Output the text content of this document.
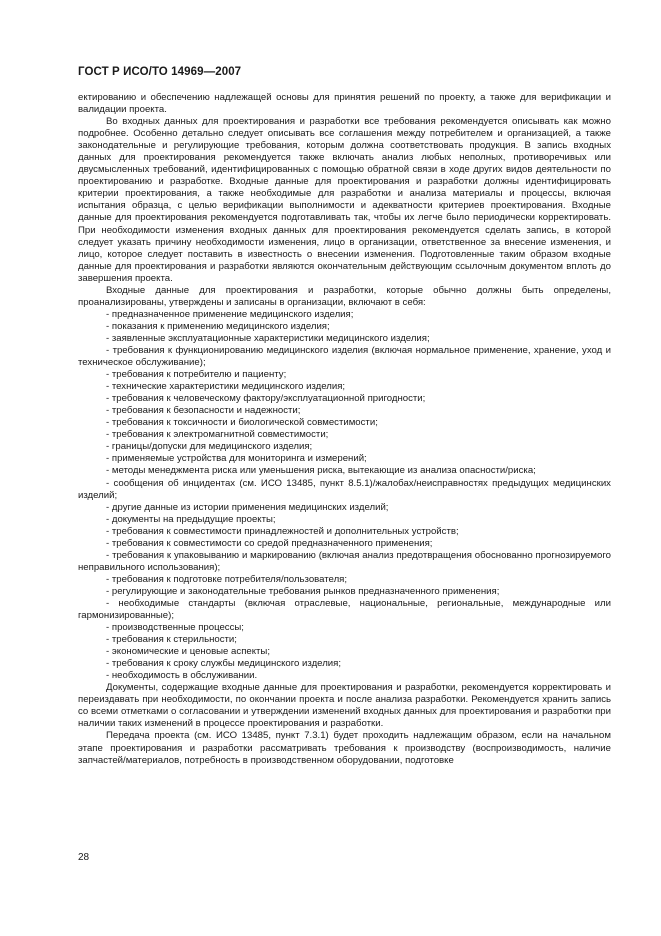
ГОСТ Р ИСО/ТО 14969—2007

ектированию и обеспечению надлежащей основы для принятия решений по проекту, а также для верификации и валидации проекта.

Во входных данных для проектирования и разработки все требования рекомендуется описывать как можно подробнее. Особенно детально следует описывать все соглашения между потребителем и организацией, а также законодательные и регулирующие требования, которым должна соответствовать продукция. В запись входных данных для проектирования рекомендуется также включать анализ любых неполных, противоречивых или двусмысленных требований, идентифицированных с помощью обратной связи в ходе других видов деятельности по проектированию и разработке. Входные данные для проектирования и разработки должны идентифицировать критерии проектирования, а также необходимые для разработки и анализа материалы и процессы, включая испытания образца, с целью верификации выполнимости и адекватности критериев проектирования. Входные данные для проектирования рекомендуется подготавливать так, чтобы их легче было периодически корректировать. При необходимости изменения входных данных для проектирования рекомендуется сделать запись, в которой следует указать причину необходимости изменения, лицо в организации, ответственное за внесение изменения, и лицо, которое следует поставить в известность о внесении изменения. Подготовленные таким образом входные данные для проектирования и разработки являются окончательным действующим ссылочным документом вплоть до завершения проекта.

Входные данные для проектирования и разработки, которые обычно должны быть определены, проанализированы, утверждены и записаны в организации, включают в себя:

- предназначенное применение медицинского изделия;
- показания к применению медицинского изделия;
- заявленные эксплуатационные характеристики медицинского изделия;
- требования к функционированию медицинского изделия (включая нормальное применение, хранение, уход и техническое обслуживание);
- требования к потребителю и пациенту;
- технические характеристики медицинского изделия;
- требования к человеческому фактору/эксплуатационной пригодности;
- требования к безопасности и надежности;
- требования к токсичности и биологической совместимости;
- требования к электромагнитной совместимости;
- границы/допуски для медицинского изделия;
- применяемые устройства для мониторинга и измерений;
- методы менеджмента риска или уменьшения риска, вытекающие из анализа опасности/риска;
- сообщения об инцидентах (см. ИСО 13485, пункт 8.5.1)/жалобах/неисправностях предыдущих медицинских изделий;
- другие данные из истории применения медицинских изделий;
- документы на предыдущие проекты;
- требования к совместимости принадлежностей и дополнительных устройств;
- требования к совместимости со средой предназначенного применения;
- требования к упаковыванию и маркированию (включая анализ предотвращения обоснованно прогнозируемого неправильного использования);
- требования к подготовке потребителя/пользователя;
- регулирующие и законодательные требования рынков предназначенного применения;
- необходимые стандарты (включая отраслевые, национальные, региональные, международные или гармонизированные);
- производственные процессы;
- требования к стерильности;
- экономические и ценовые аспекты;
- требования к сроку службы медицинского изделия;
- необходимость в обслуживании.

Документы, содержащие входные данные для проектирования и разработки, рекомендуется корректировать и переиздавать при необходимости, по окончании проекта и после анализа разработки. Рекомендуется хранить запись со всеми отметками о согласовании и утверждении изменений входных данных для проектирования и разработки при наличии таких изменений в процессе проектирования и разработки.

Передача проекта (см. ИСО 13485, пункт 7.3.1) будет проходить надлежащим образом, если на начальном этапе проектирования и разработки рассматривать требования к производству (воспроизводимость, наличие запчастей/материалов, потребность в производственном оборудовании, подготовке

28
